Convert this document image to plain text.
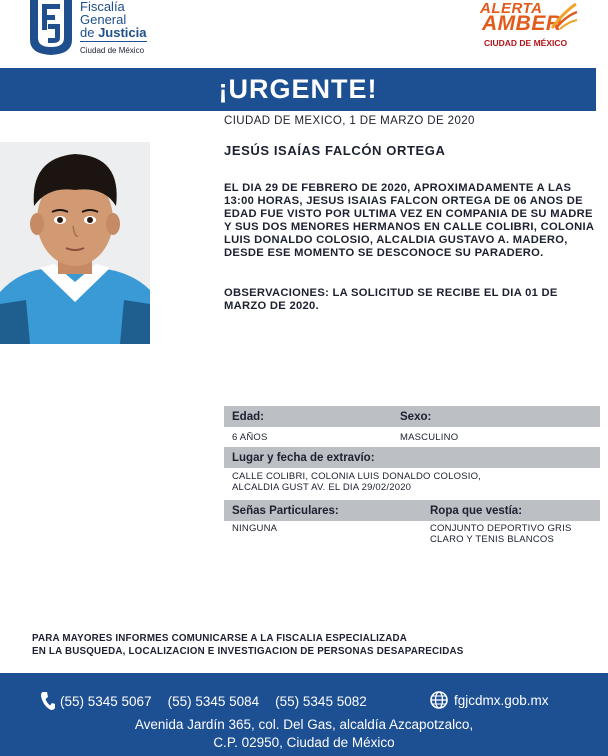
Fiscalía
General
de Justicia
Ciudad de México
ALERTA
AMBER
CIUDAD DE MÉXICO
¡URGENTE!
CIUDAD DE MEXICO, 1 DE MARZO DE 2020
JESÚS ISAÍAS FALCÓN ORTEGA
EL DIA 29 DE FEBRERO DE 2020, APROXIMADAMENTE A LAS 13:00 HORAS, JESUS ISAIAS FALCON ORTEGA DE 06 ANOS DE EDAD FUE VISTO POR ULTIMA VEZ EN COMPANIA DE SU MADRE Y SUS DOS MENORES HERMANOS EN CALLE COLIBRI, COLONIA LUIS DONALDO COLOSIO, ALCALDIA GUSTAVO A. MADERO, DESDE ESE MOMENTO SE DESCONOCE SU PARADERO.
OBSERVACIONES: LA SOLICITUD SE RECIBE EL DIA 01 DE MARZO DE 2020.
Edad:	Sexo:
6 AÑOS	MASCULINO
Lugar y fecha de extravío:
CALLE COLIBRI, COLONIA LUIS DONALDO COLOSIO,
ALCALDIA GUST AV. EL DIA 29/02/2020
Señas Particulares:	Ropa que vestía:
NINGUNA	CONJUNTO DEPORTIVO GRIS
CLARO Y TENIS BLANCOS
PARA MAYORES INFORMES COMUNICARSE A LA FISCALIA ESPECIALIZADA
EN LA BUSQUEDA, LOCALIZACION E INVESTIGACION DE PERSONAS DESAPARECIDAS
(55) 5345 5067 (55) 5345 5084 (55) 5345 5082	fgjcdmx.gob.mx
Avenida Jardín 365, col. Del Gas, alcaldía Azcapotzalco,
C.P. 02950, Ciudad de México
